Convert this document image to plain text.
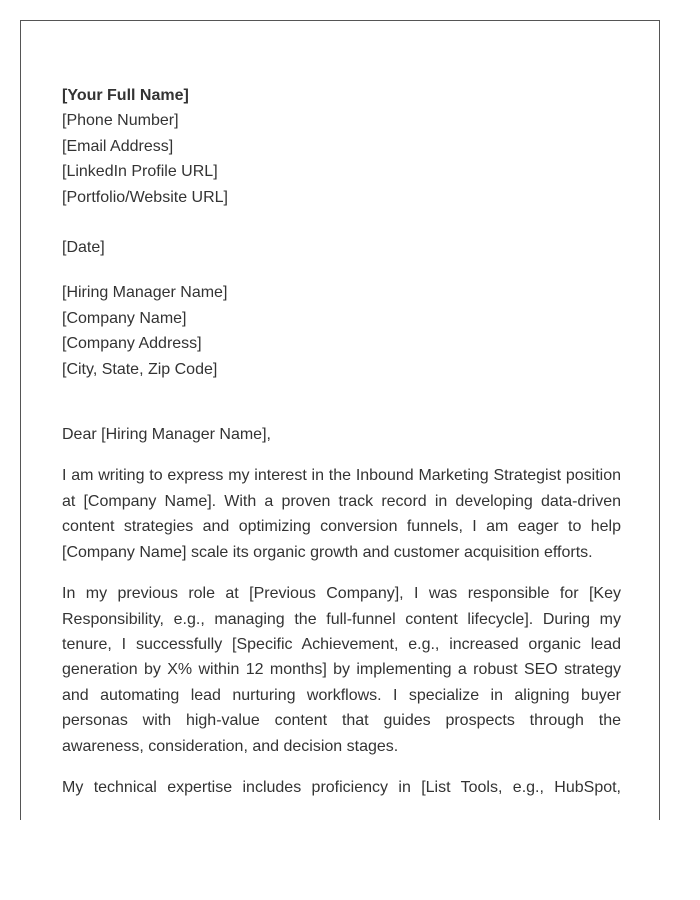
[Your Full Name]
[Phone Number]
[Email Address]
[LinkedIn Profile URL]
[Portfolio/Website URL]
[Date]
[Hiring Manager Name]
[Company Name]
[Company Address]
[City, State, Zip Code]
Dear [Hiring Manager Name],

I am writing to express my interest in the Inbound Marketing Strategist position at [Company Name]. With a proven track record in developing data-driven content strategies and optimizing conversion funnels, I am eager to help [Company Name] scale its organic growth and customer acquisition efforts.

In my previous role at [Previous Company], I was responsible for [Key Responsibility, e.g., managing the full-funnel content lifecycle]. During my tenure, I successfully [Specific Achievement, e.g., increased organic lead generation by X% within 12 months] by implementing a robust SEO strategy and automating lead nurturing workflows. I specialize in aligning buyer personas with high-value content that guides prospects through the awareness, consideration, and decision stages.

My technical expertise includes proficiency in [List Tools, e.g., HubSpot,
